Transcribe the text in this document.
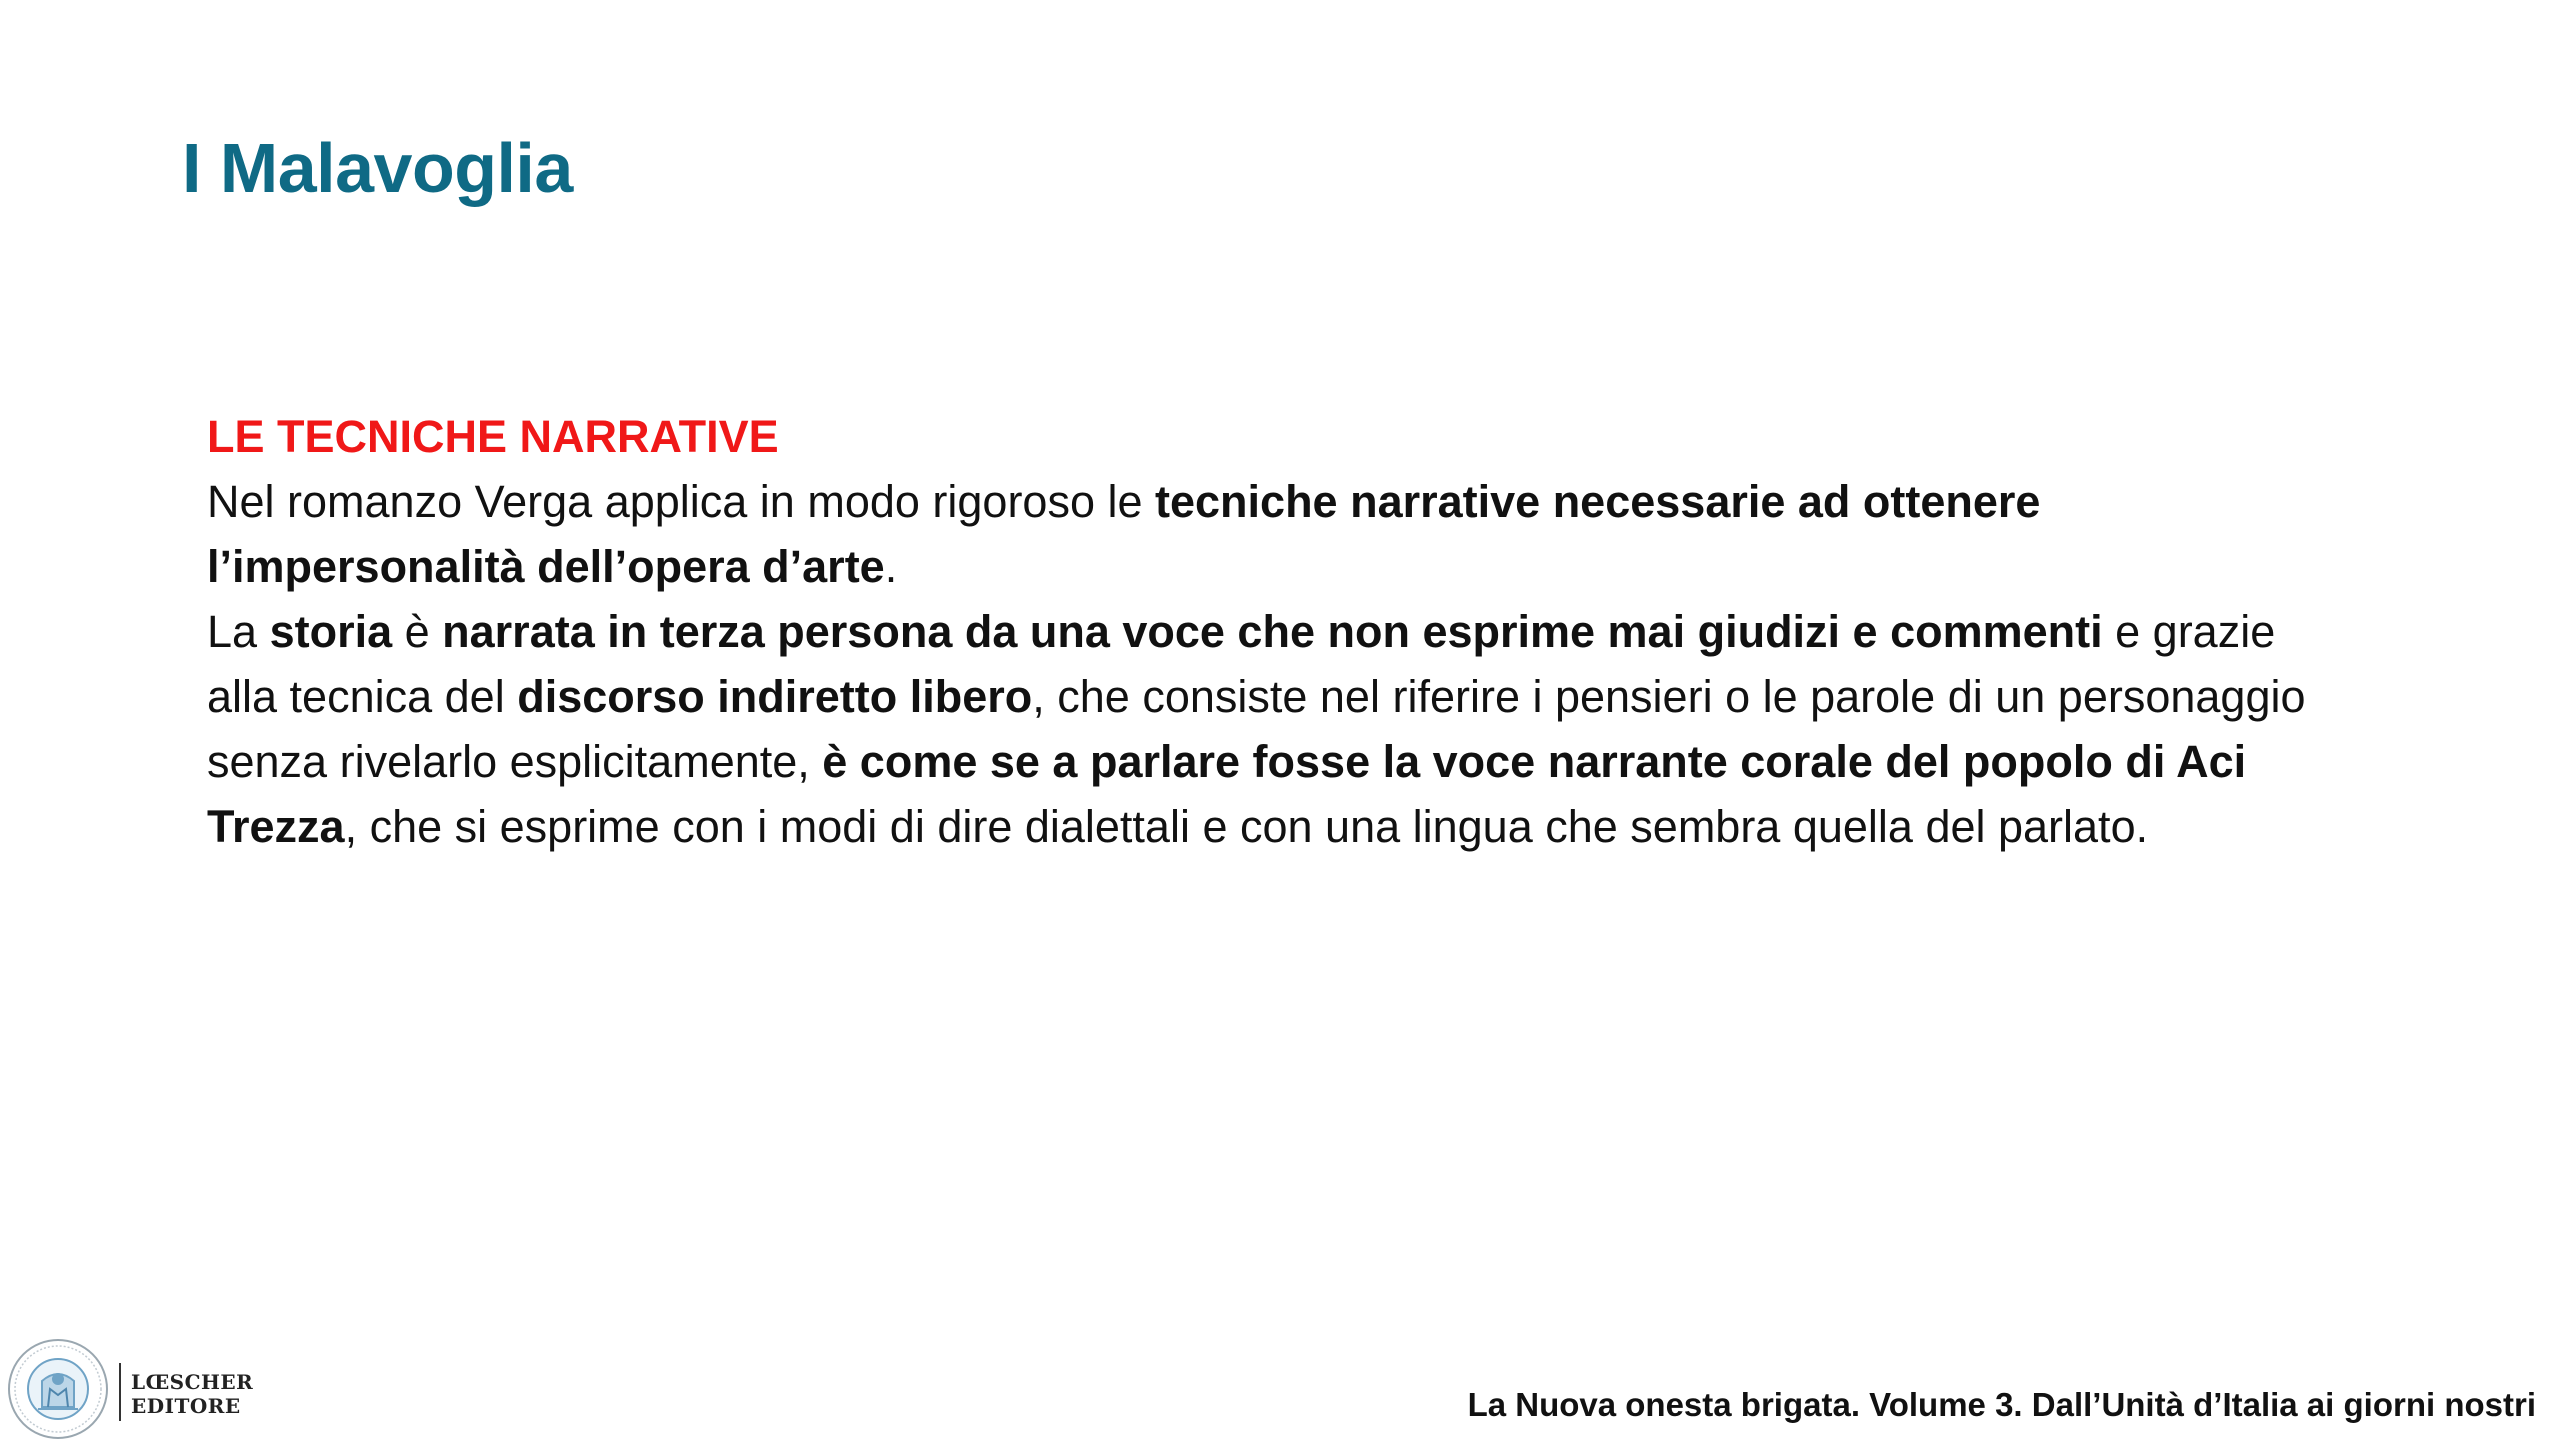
I Malavoglia
LE TECNICHE NARRATIVE
Nel romanzo Verga applica in modo rigoroso le tecniche narrative necessarie ad ottenere l’impersonalità dell’opera d’arte.
La storia è narrata in terza persona da una voce che non esprime mai giudizi e commenti e grazie alla tecnica del discorso indiretto libero, che consiste nel riferire i pensieri o le parole di un personaggio senza rivelarlo esplicitamente, è come se a parlare fosse la voce narrante corale del popolo di Aci Trezza, che si esprime con i modi di dire dialettali e con una lingua che sembra quella del parlato.
LŒSCHER
EDITORE	La Nuova onesta brigata. Volume 3. Dall’Unità d’Italia ai giorni nostri
